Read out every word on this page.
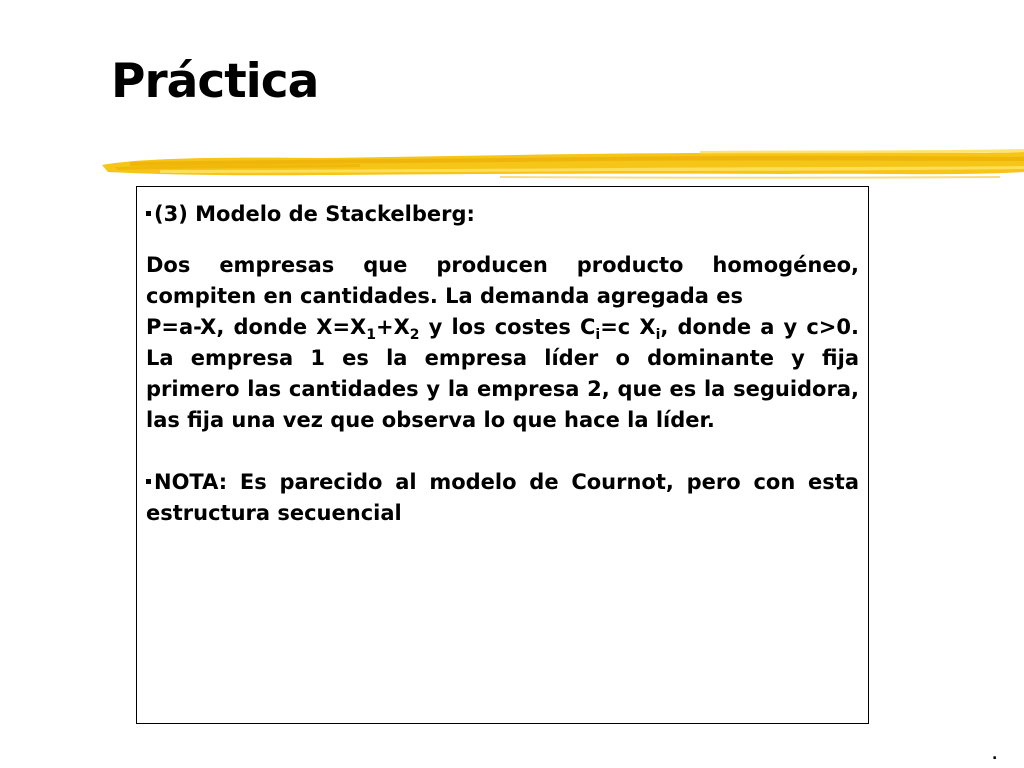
Práctica

(3) Modelo de Stackelberg:

Dos empresas que producen producto homogéneo, compiten en cantidades. La demanda agregada es
P=a-X, donde $X=X_1+X_2$ y los costes $C_i=c$ $X_i$, donde a y c>0. La empresa 1 es la empresa líder o dominante y fija primero las cantidades y la empresa 2, que es la seguidora, las fija una vez que observa lo que hace la líder.

NOTA: Es parecido al modelo de Cournot, pero con esta estructura secuencial

.
